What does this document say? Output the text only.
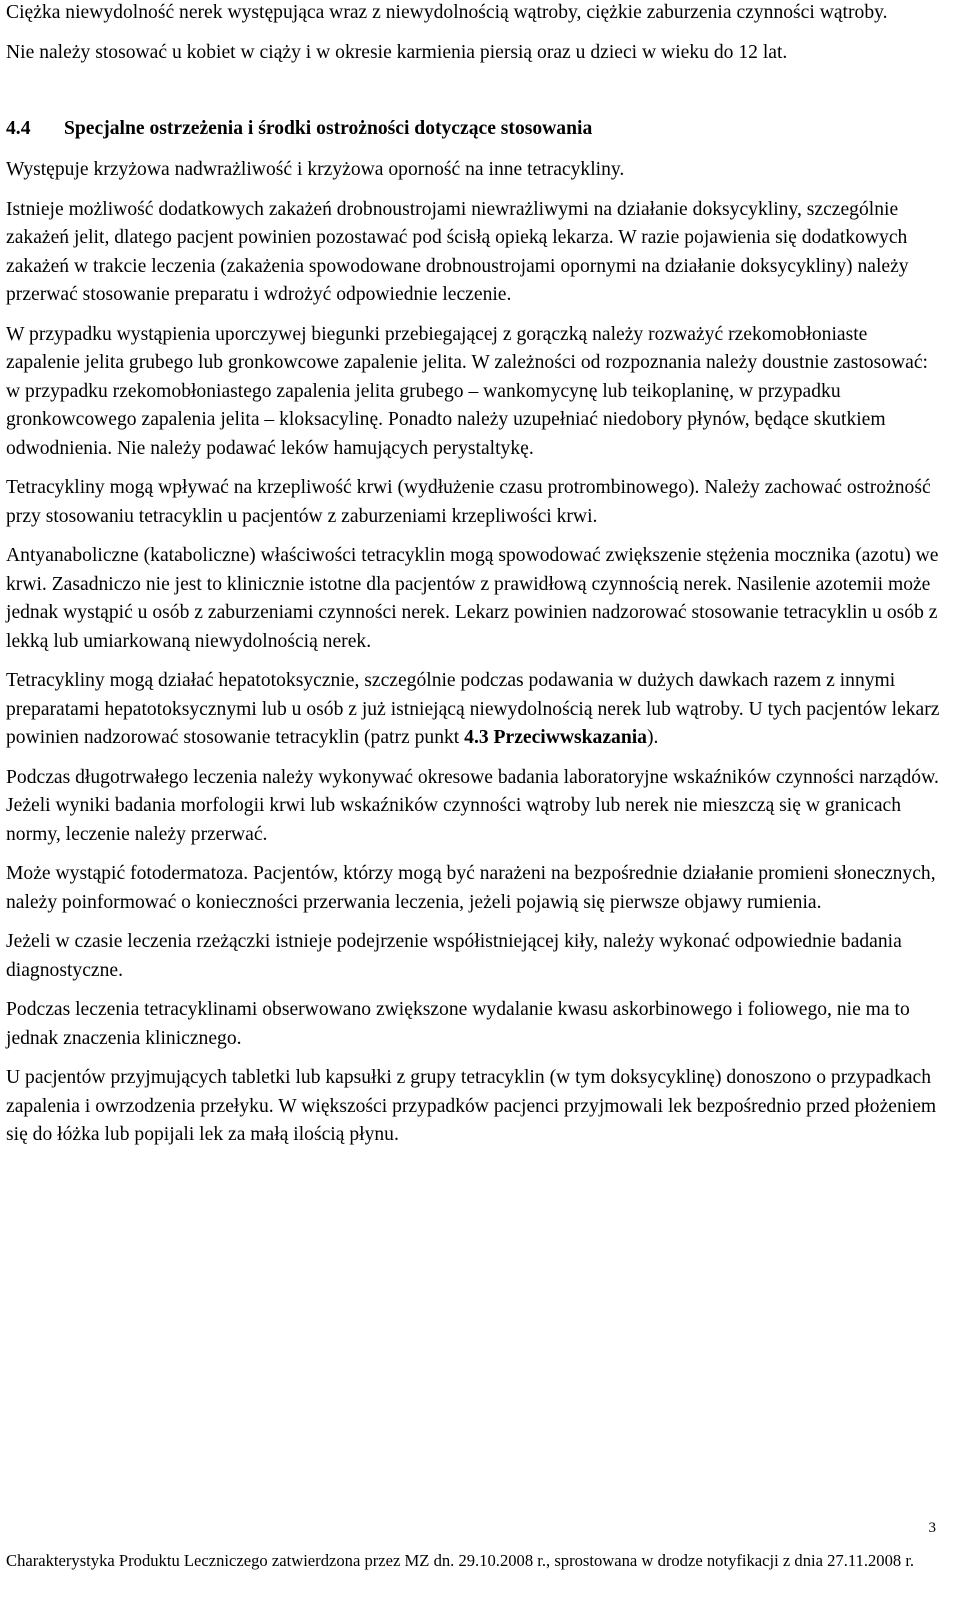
Ciężka niewydolność nerek występująca wraz z niewydolnością wątroby, ciężkie zaburzenia czynności wątroby.

Nie należy stosować u kobiet w ciąży i w okresie karmienia piersią oraz u dzieci w wieku do 12 lat.

4.4 Specjalne ostrzeżenia i środki ostrożności dotyczące stosowania

Występuje krzyżowa nadwrażliwość i krzyżowa oporność na inne tetracykliny.

Istnieje możliwość dodatkowych zakażeń drobnoustrojami niewrażliwymi na działanie doksycykliny, szczególnie zakażeń jelit, dlatego pacjent powinien pozostawać pod ścisłą opieką lekarza. W razie pojawienia się dodatkowych zakażeń w trakcie leczenia (zakażenia spowodowane drobnoustrojami opornymi na działanie doksycykliny) należy przerwać stosowanie preparatu i wdrożyć odpowiednie leczenie.

W przypadku wystąpienia uporczywej biegunki przebiegającej z gorączką należy rozważyć rzekomobłoniaste zapalenie jelita grubego lub gronkowcowe zapalenie jelita. W zależności od rozpoznania należy doustnie zastosować: w przypadku rzekomobłoniastego zapalenia jelita grubego – wankomycynę lub teikoplaninę, w przypadku gronkowcowego zapalenia jelita – kloksacylinę. Ponadto należy uzupełniać niedobory płynów, będące skutkiem odwodnienia. Nie należy podawać leków hamujących perystaltykę.

Tetracykliny mogą wpływać na krzepliwość krwi (wydłużenie czasu protrombinowego). Należy zachować ostrożność przy stosowaniu tetracyklin u pacjentów z zaburzeniami krzepliwości krwi.

Antyanaboliczne (kataboliczne) właściwości tetracyklin mogą spowodować zwiększenie stężenia mocznika (azotu) we krwi. Zasadniczo nie jest to klinicznie istotne dla pacjentów z prawidłową czynnością nerek. Nasilenie azotemii może jednak wystąpić u osób z zaburzeniami czynności nerek. Lekarz powinien nadzorować stosowanie tetracyklin u osób z lekką lub umiarkowaną niewydolnością nerek.

Tetracykliny mogą działać hepatotoksycznie, szczególnie podczas podawania w dużych dawkach razem z innymi preparatami hepatotoksycznymi lub u osób z już istniejącą niewydolnością nerek lub wątroby. U tych pacjentów lekarz powinien nadzorować stosowanie tetracyklin (patrz punkt 4.3 Przeciwwskazania).

Podczas długotrwałego leczenia należy wykonywać okresowe badania laboratoryjne wskaźników czynności narządów. Jeżeli wyniki badania morfologii krwi lub wskaźników czynności wątroby lub nerek nie mieszczą się w granicach normy, leczenie należy przerwać.

Może wystąpić fotodermatoza. Pacjentów, którzy mogą być narażeni na bezpośrednie działanie promieni słonecznych, należy poinformować o konieczności przerwania leczenia, jeżeli pojawią się pierwsze objawy rumienia.

Jeżeli w czasie leczenia rzeżączki istnieje podejrzenie współistniejącej kiły, należy wykonać odpowiednie badania diagnostyczne.

Podczas leczenia tetracyklinami obserwowano zwiększone wydalanie kwasu askorbinowego i foliowego, nie ma to jednak znaczenia klinicznego.

U pacjentów przyjmujących tabletki lub kapsułki z grupy tetracyklin (w tym doksycyklinę) donoszono o przypadkach zapalenia i owrzodzenia przełyku. W większości przypadków pacjenci przyjmowali lek bezpośrednio przed płożeniem się do łóżka lub popijali lek za małą ilością płynu.

3
Charakterystyka Produktu Leczniczego zatwierdzona przez MZ dn. 29.10.2008 r., sprostowana w drodze notyfikacji z dnia 27.11.2008 r.
